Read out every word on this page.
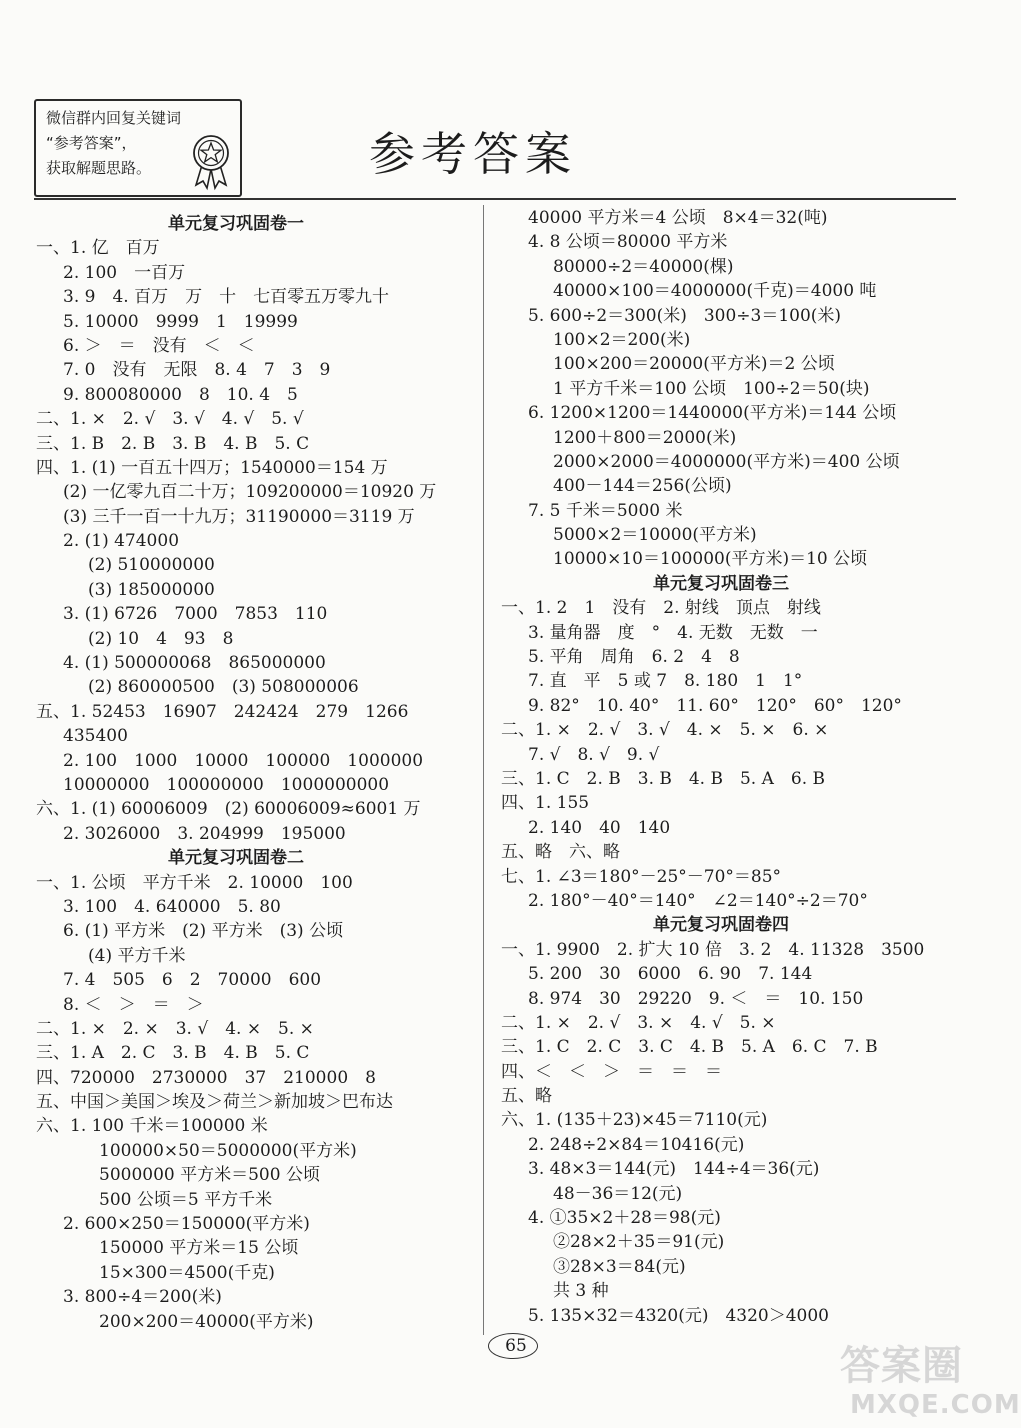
微信群内回复关键词
“参考答案”，
获取解题思路。	参考答案
单元复习巩固卷一
一、1. 亿　百万
2. 100　一百万
3. 9　4. 百万　万　十　七百零五万零九十
5. 10000　9999　1　19999
6. ＞　＝　没有　＜　＜
7. 0　没有　无限　8. 4　7　3　9
9. 800080000　8　10. 4　5
二、1. ×　2. √　3. √　4. √　5. √
三、1. B　2. B　3. B　4. B　5. C
四、1. (1) 一百五十四万；1540000＝154 万
(2) 一亿零九百二十万；109200000＝10920 万
(3) 三千一百一十九万；31190000＝3119 万
2. (1) 474000
(2) 510000000
(3) 185000000
3. (1) 6726　7000　7853　110
(2) 10　4　93　8
4. (1) 500000068　865000000
(2) 860000500　(3) 508000006
五、1. 52453　16907　242424　279　1266
435400
2. 100　1000　10000　100000　1000000
10000000　100000000　1000000000
六、1. (1) 60006009　(2) 60006009≈6001 万
2. 3026000　3. 204999　195000
单元复习巩固卷二
一、1. 公顷　平方千米　2. 10000　100
3. 100　4. 640000　5. 80
6. (1) 平方米　(2) 平方米　(3) 公顷
(4) 平方千米
7. 4　505　6　2　70000　600
8. ＜　＞　＝　＞
二、1. ×　2. ×　3. √　4. ×　5. ×
三、1. A　2. C　3. B　4. B　5. C
四、720000　2730000　37　210000　8
五、中国＞美国＞埃及＞荷兰＞新加坡＞巴布达
六、1. 100 千米＝100000 米
100000×50＝5000000(平方米)
5000000 平方米＝500 公顷
500 公顷＝5 平方千米
2. 600×250＝150000(平方米)
150000 平方米＝15 公顷
15×300＝4500(千克)
3. 800÷4＝200(米)
200×200＝40000(平方米)
40000 平方米＝4 公顷　8×4＝32(吨)
4. 8 公顷＝80000 平方米
80000÷2＝40000(棵)
40000×100＝4000000(千克)＝4000 吨
5. 600÷2＝300(米)　300÷3＝100(米)
100×2＝200(米)
100×200＝20000(平方米)＝2 公顷
1 平方千米＝100 公顷　100÷2＝50(块)
6. 1200×1200＝1440000(平方米)＝144 公顷
1200＋800＝2000(米)
2000×2000＝4000000(平方米)＝400 公顷
400－144＝256(公顷)
7. 5 千米＝5000 米
5000×2＝10000(平方米)
10000×10＝100000(平方米)＝10 公顷
单元复习巩固卷三
一、1. 2　1　没有　2. 射线　顶点　射线
3. 量角器　度　°　4. 无数　无数　一
5. 平角　周角　6. 2　4　8
7. 直　平　5 或 7　8. 180　1　1°
9. 82°　10. 40°　11. 60°　120°　60°　120°
二、1. ×　2. √　3. √　4. ×　5. ×　6. ×
7. √　8. √　9. √
三、1. C　2. B　3. B　4. B　5. A　6. B
四、1. 155
2. 140　40　140
五、略　六、略
七、1. ∠3＝180°－25°－70°＝85°
2. 180°－40°＝140°　∠2＝140°÷2＝70°
单元复习巩固卷四
一、1. 9900　2. 扩大 10 倍　3. 2　4. 11328　3500
5. 200　30　6000　6. 90　7. 144
8. 974　30　29220　9. ＜　＝　10. 150
二、1. ×　2. √　3. ×　4. √　5. ×
三、1. C　2. C　3. C　4. B　5. A　6. C　7. B
四、＜　＜　＞　＝　＝　＝
五、略
六、1. (135＋23)×45＝7110(元)
2. 248÷2×84＝10416(元)
3. 48×3＝144(元)　144÷4＝36(元)
48－36＝12(元)
4. ①35×2＋28＝98(元)
②28×2＋35＝91(元)
③28×3＝84(元)
共 3 种
5. 135×32＝4320(元)　4320＞4000
65	答案圈
MXQE.COM
